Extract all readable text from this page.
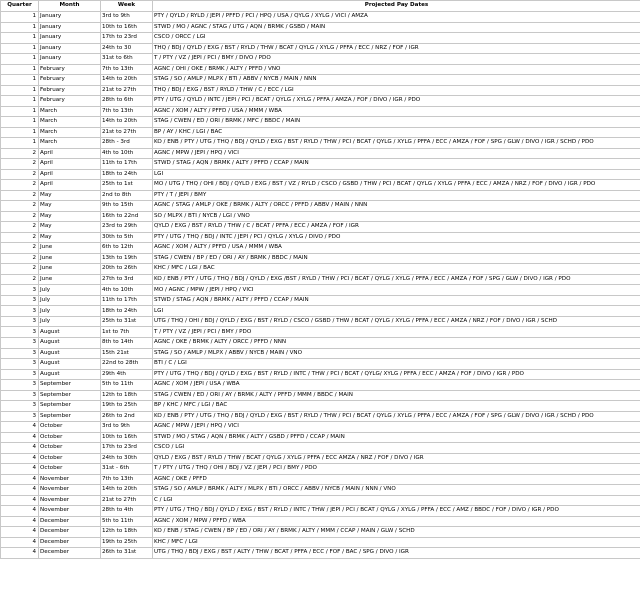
Quarter	Month	Week	Projected Pay Dates
1	January	3rd to 9th	PTY / QYLD / RYLD / JEPI / PFFD / PCI / HPQ / USA / QYLG / XYLG / VICI / AMZA
1	January	10th to 16th	STWD / MO / AGNC / STAG / UTG / AQN / BRMK / GSBD / MAIN
1	January	17th to 23rd	CSCO / ORCC / LGI
1	January	24th to 30	THQ / BDJ / QYLD / EXG / BST / RYLD / THW / BCAT / QYLG / XYLG / PFFA / ECC / NRZ / FOF / IGR
1	January	31st to 6th	T / PTY / VZ / JEPI / PCI / BMY / DIVO / PDO
1	February	7th to 13th	AGNC / OHI / OKE / BRMK / ALTY / PFFD / VNO
1	February	14th to 20th	STAG / SO / AMLP / MLPX / BTI / ABBV / NYCB / MAIN / NNN
1	February	21st to 27th	THQ / BDJ / EXG / BST / RYLD / THW / C / ECC / LGI
1	February	28th to 6th	PTY / UTG / QYLD / INTC / JEPI / PCI / BCAT / QYLG / XYLG / PFFA / AMZA / FOF / DIVO / IGR / PDO
1	March	7th to 13th	AGNC / XOM / ALTY / PFFD / USA / MMM / WBA
1	March	14th to 20th	STAG / CWEN / ED / ORI / BRMK / MFC / BBDC / MAIN
1	March	21st to 27th	BP / AY / KHC / LGI / BAC
1	March	28th - 3rd	KO / ENB / PTY / UTG / THQ / BDJ / QYLD / EXG / BST / RYLD / THW / PCI / BCAT / QYLG / XYLG / PFFA / ECC / AMZA / FOF / SPG / GLW / DIVO / IGR / SCHD / PDO
2	April	4th to 10th	AGNC / MPW / JEPI / HPQ / VICI
2	April	11th to 17th	STWD / STAG / AQN / BRMK / ALTY / PFFD / CCAP / MAIN
2	April	18th to 24th	LGI
2	April	25th to 1st	MO / UTG / THQ / OHI / BDJ / QYLD / EXG / BST / VZ / RYLD / CSCO / GSBD / THW / PCI / BCAT / QYLG / XYLG / PFFA / ECC / AMZA / NRZ / FOF / DIVO / IGR / PDO
2	May	2nd to 8th	PTY / T / JEPI / BMY
2	May	9th to 15th	AGNC / STAG / AMLP / OKE / BRMK / ALTY / ORCC / PFFD / ABBV / MAIN / NNN
2	May	16th to 22nd	SO / MLPX / BTI / NYCB / LGI / VNO
2	May	23rd to 29th	QYLD / EXG / BST / RYLD / THW / C / BCAT / PFFA / ECC / AMZA / FOF / IGR
2	May	30th to 5th	PTY / UTG / THQ / BDJ / INTC / JEPI / PCI / QYLG / XYLG / DIVO / PDO
2	June	6th to 12th	AGNC / XOM / ALTY / PFFD / USA / MMM / WBA
2	June	13th to 19th	STAG / CWEN / BP / ED / ORI / AY / BRMK / BBDC / MAIN
2	June	20th to 26th	KHC / MFC / LGI / BAC
2	June	27th to 3rd	KO / ENB / PTY / UTG / THQ / BDJ / QYLD / EXG /BST / RYLD / THW / PCI / BCAT / QYLG / XYLG / PFFA / ECC / AMZA / FOF / SPG / GLW / DIVO / IGR / PDO
3	July	4th to 10th	MO / AGNC / MPW / JEPI / HPQ / VICI
3	July	11th to 17th	STWD / STAG / AQN / BRMK / ALTY / PFFD / CCAP / MAIN
3	July	18th to 24th	LGI
3	July	25th to 31st	UTG / THQ / OHI / BDJ / QYLD / EXG / BST / RYLD / CSCO / GSBD / THW / BCAT / QYLG / XYLG / PFFA / ECC / AMZA / NRZ / FOF / DIVO / IGR / SCHD
3	August	1st to 7th	T / PTY / VZ / JEPI / PCI / BMY / PDO
3	August	8th to 14th	AGNC / OKE / BRMK / ALTY / ORCC / PFFD / NNN
3	August	15th 21st	STAG / SO / AMLP / MLPX / ABBV / NYCB / MAIN / VNO
3	August	22nd to 28th	BTI / C / LGI
3	August	29th 4th	PTY / UTG / THQ / BDJ / QYLD / EXG / BST / RYLD / INTC / THW / PCI / BCAT / QYLG/ XYLG / PFFA / ECC / AMZA / FOF / DIVO / IGR / PDO
3	September	5th to 11th	AGNC / XOM / JEPI / USA / WBA
3	September	12th to 18th	STAG / CWEN / ED / ORI / AY / BRMK / ALTY / PFFD / MMM / BBDC / MAIN
3	September	19th to 25th	BP / KHC / MFC / LGI / BAC
3	September	26th to 2nd	KO / ENB / PTY / UTG / THQ / BDJ / QYLD / EXG / BST / RYLD / THW / PCI / BCAT / QYLG / XYLG / PFFA / ECC / AMZA / FOF / SPG / GLW / DIVO / IGR / SCHD / PDO
4	October	3rd to 9th	AGNC / MPW / JEPI / HPQ / VICI
4	October	10th to 16th	STWD / MO / STAG / AQN / BRMK / ALTY / GSBD / PFFD / CCAP / MAIN
4	October	17th to 23rd	CSCO / LGI
4	October	24th to 30th	QYLD / EXG / BST / RYLD / THW / BCAT / QYLG / XYLG / PFFA / ECC AMZA / NRZ / FOF / DIVO / IGR
4	October	31st - 6th	T / PTY / UTG / THQ / OHI / BDJ / VZ / JEPI / PCI / BMY / PDO
4	November	7th to 13th	AGNC / OKE / PFFD
4	November	14th to 20th	STAG / SO / AMLP / BRMK / ALTY / MLPX / BTI / ORCC / ABBV / NYCB / MAIN / NNN / VNO
4	November	21st to 27th	C / LGI
4	November	28th to 4th	PTY / UTG / THQ / BDJ / QYLD / EXG / BST / RYLD / INTC / THW / JEPI / PCI / BCAT / QYLG / XYLG / PFFA / ECC / AMZ / BBDC / FOF / DIVO / IGR / PDO
4	December	5th to 11th	AGNC / XOM / MPW / PFFD / WBA
4	December	12th to 18th	KO / ENB / STAG / CWEN / BP / ED / ORI / AY / BRMK / ALTY / MMM / CCAP / MAIN / GLW / SCHD
4	December	19th to 25th	KHC / MFC / LGI
4	December	26th to 31st	UTG / THQ / BDJ / EXG / BST / ALTY / THW / BCAT / PFFA / ECC / FOF / BAC / SPG / DIVO / IGR
